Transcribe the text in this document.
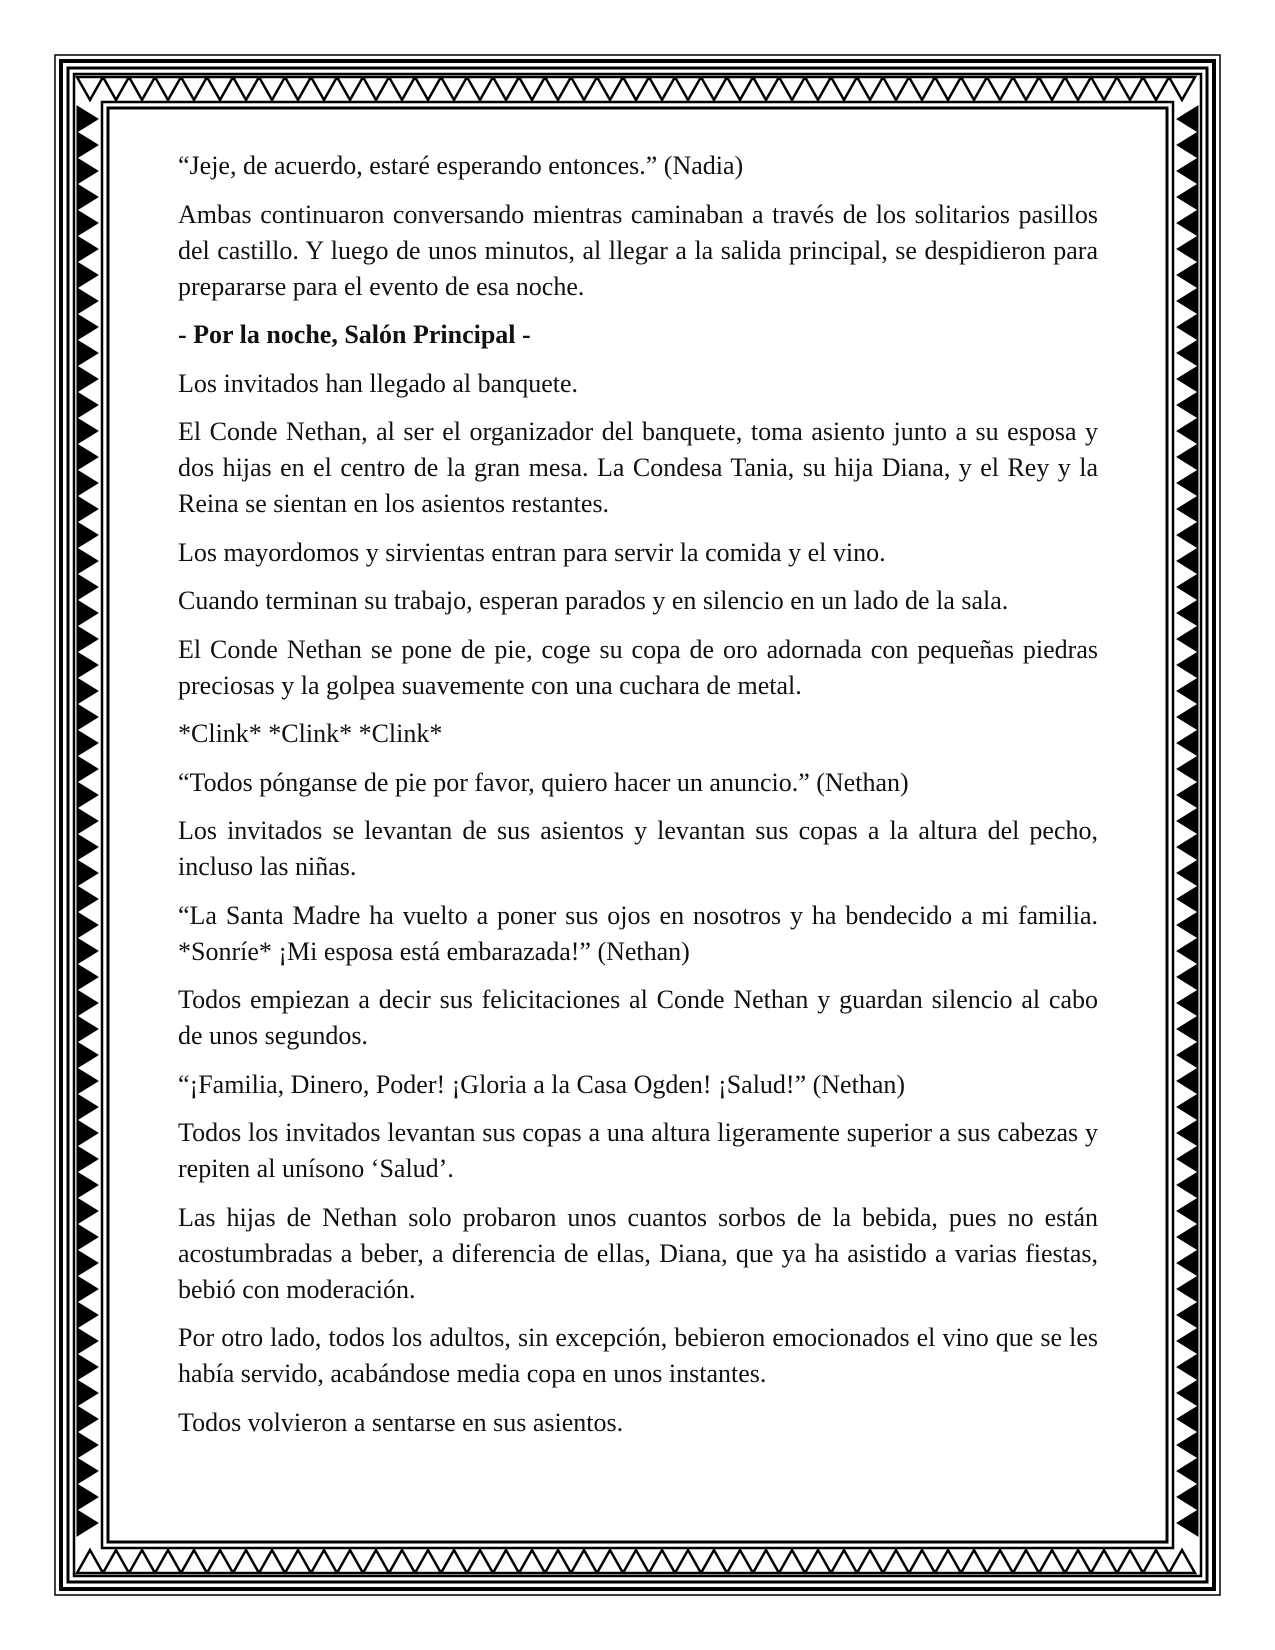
“Jeje, de acuerdo, estaré esperando entonces.” (Nadia)

Ambas continuaron conversando mientras caminaban a través de los solitarios pasillos del castillo. Y luego de unos minutos, al llegar a la salida principal, se despidieron para prepararse para el evento de esa noche.

- Por la noche, Salón Principal -

Los invitados han llegado al banquete.

El Conde Nethan, al ser el organizador del banquete, toma asiento junto a su esposa y dos hijas en el centro de la gran mesa. La Condesa Tania, su hija Diana, y el Rey y la Reina se sientan en los asientos restantes.

Los mayordomos y sirvientas entran para servir la comida y el vino.

Cuando terminan su trabajo, esperan parados y en silencio en un lado de la sala.

El Conde Nethan se pone de pie, coge su copa de oro adornada con pequeñas piedras preciosas y la golpea suavemente con una cuchara de metal.

*Clink* *Clink* *Clink*

“Todos pónganse de pie por favor, quiero hacer un anuncio.” (Nethan)

Los invitados se levantan de sus asientos y levantan sus copas a la altura del pecho, incluso las niñas.

“La Santa Madre ha vuelto a poner sus ojos en nosotros y ha bendecido a mi familia. *Sonríe* ¡Mi esposa está embarazada!” (Nethan)

Todos empiezan a decir sus felicitaciones al Conde Nethan y guardan silencio al cabo de unos segundos.

“¡Familia, Dinero, Poder! ¡Gloria a la Casa Ogden! ¡Salud!” (Nethan)

Todos los invitados levantan sus copas a una altura ligeramente superior a sus cabezas y repiten al unísono ‘Salud’.

Las hijas de Nethan solo probaron unos cuantos sorbos de la bebida, pues no están acostumbradas a beber, a diferencia de ellas, Diana, que ya ha asistido a varias fiestas, bebió con moderación.

Por otro lado, todos los adultos, sin excepción, bebieron emocionados el vino que se les había servido, acabándose media copa en unos instantes.

Todos volvieron a sentarse en sus asientos.
